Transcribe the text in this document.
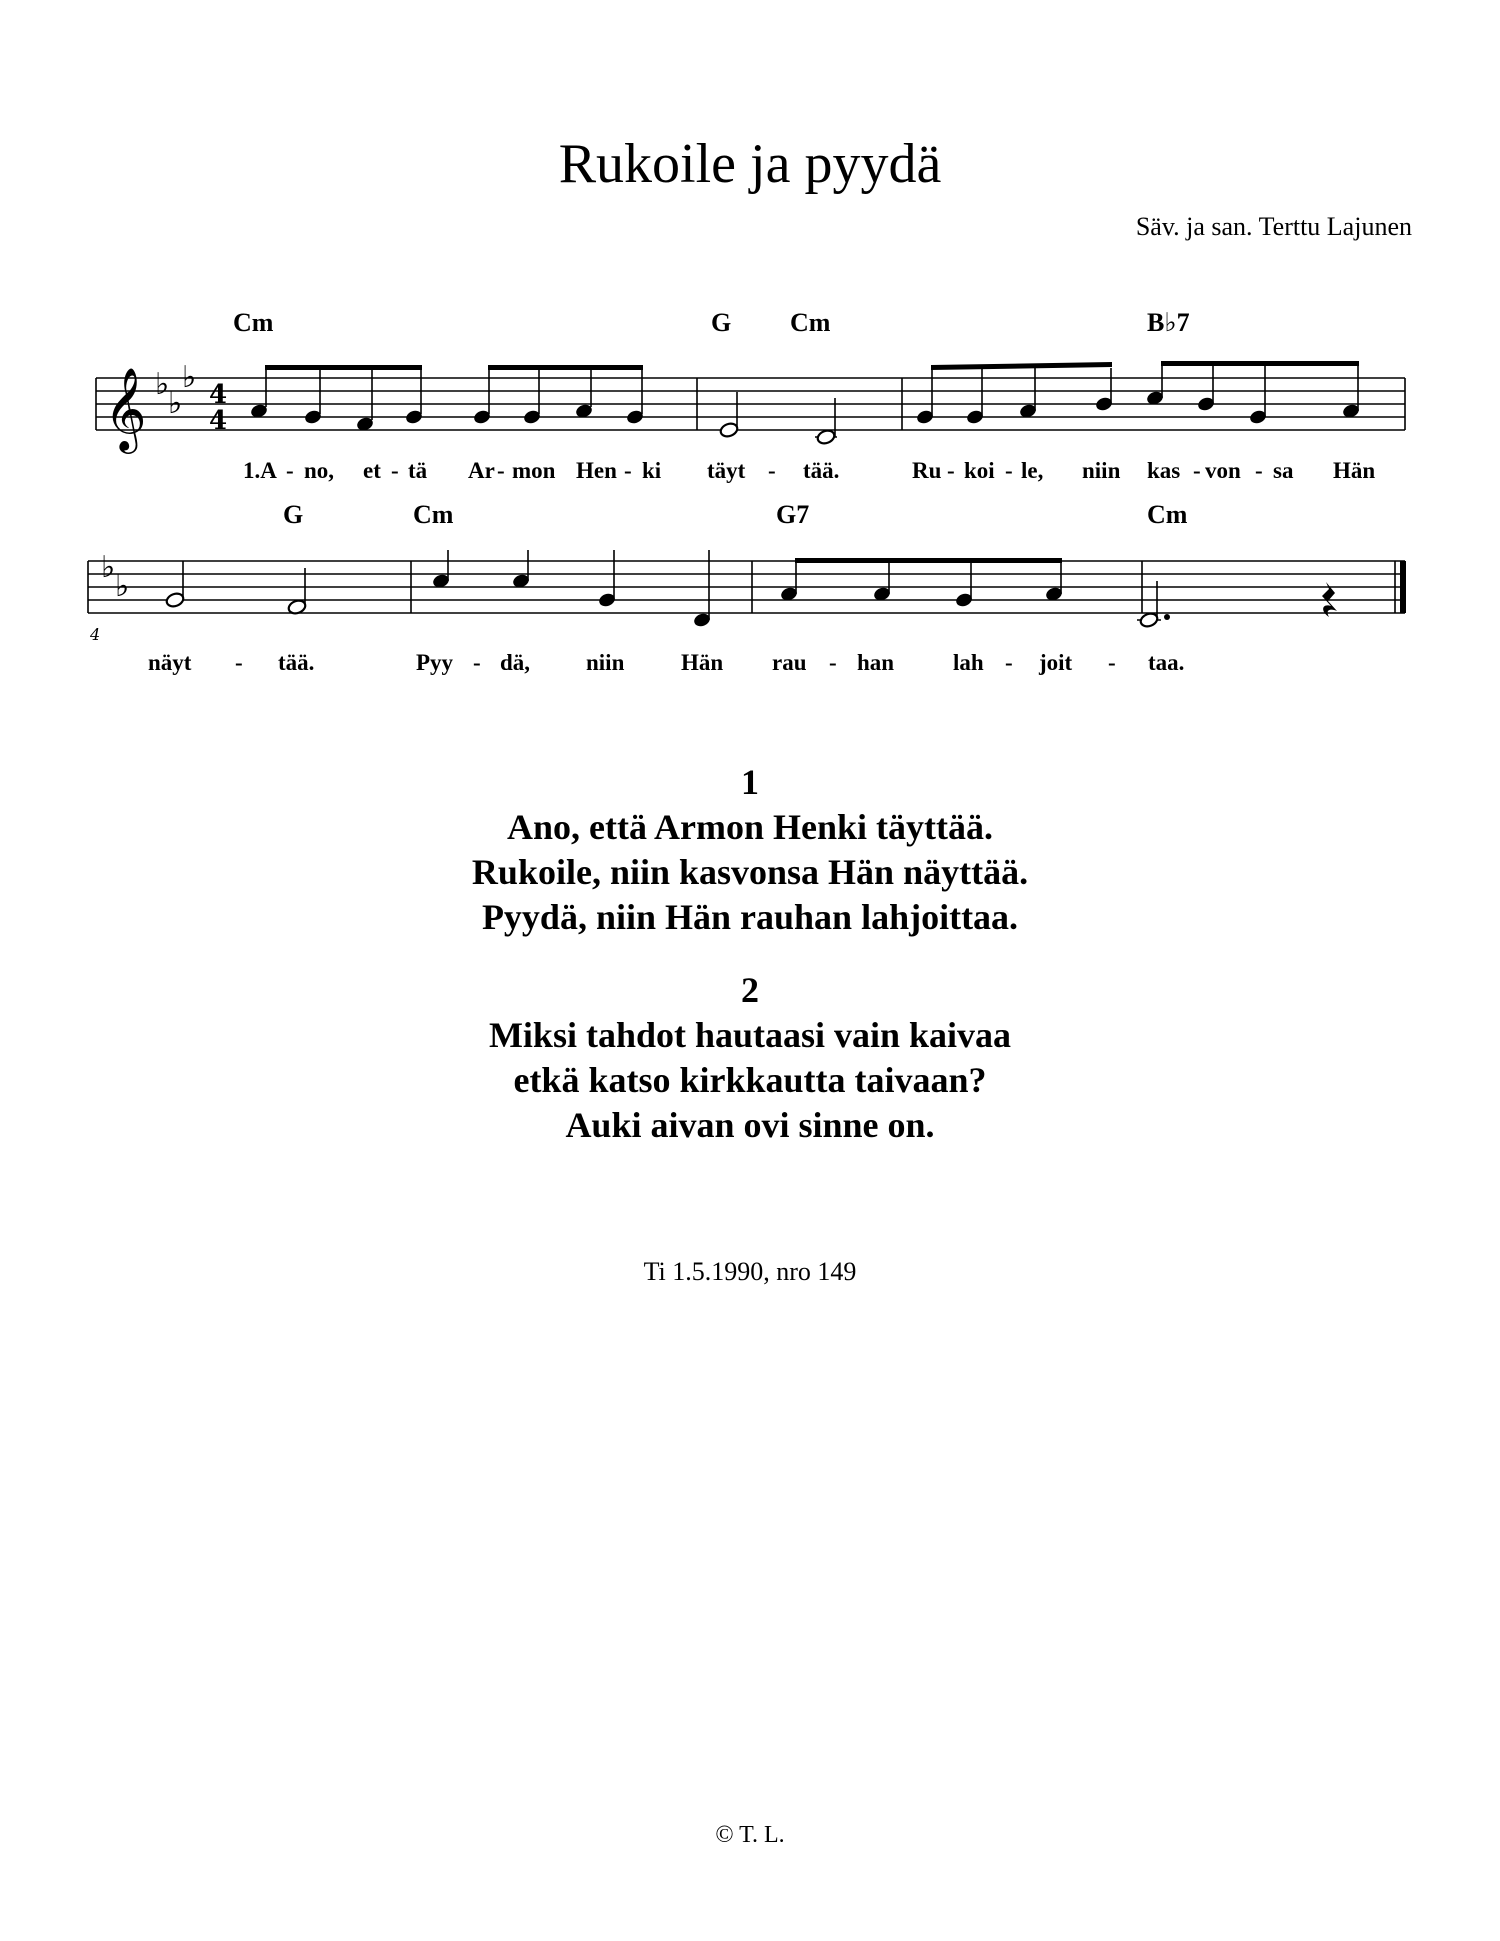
Rukoile ja pyydä
Säv. ja san. Terttu Lajunen
Cm	G Cm	B♭7
𝄞 ♭
♭
♭ 4
4
1.A - no, et - tä Ar - mon Hen - ki täyt - tää.	Ru - koi - le, niin kas - von - sa Hän
G	Cm	G7	Cm
♭
♭
4
näyt - tää.	Pyy - dä, niin Hän rau - han	lah - joit - taa.
1
Ano, että Armon Henki täyttää.
Rukoile, niin kasvonsa Hän näyttää.
Pyydä, niin Hän rauhan lahjoittaa.
2
Miksi tahdot hautaasi vain kaivaa
etkä katso kirkkautta taivaan?
Auki aivan ovi sinne on.
Ti 1.5.1990, nro 149
© T. L.
